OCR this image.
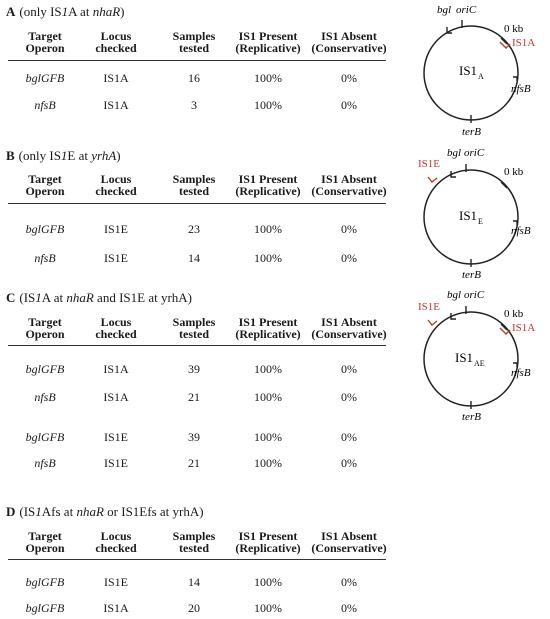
A (only IS1A at nhaR)
Target
Operon
Locus
checked
Samples
tested
IS1 Present
(Replicative)
IS1 Absent
(Conservative)
bglGFB	IS1A	16	100%	0%
nfsB	IS1A	3	100%	0%
bgl oriC
0 kb
IS1A
nfsB
terB
IS1 A
B (only IS1E at yrhA)
Target
Operon
Locus
checked
Samples
tested
IS1 Present
(Replicative)
IS1 Absent
(Conservative)
bglGFB	IS1E	23	100%	0%
nfsB	IS1E	14	100%	0%
bgl oriC
IS1E
0 kb
nfsB
terB
IS1 E
C (IS1A at nhaR and IS1E at yrhA)
Target
Operon
Locus
checked
Samples
tested
IS1 Present
(Replicative)
IS1 Absent
(Conservative)
bglGFB	IS1A	39	100%	0%
nfsB	IS1A	21	100%	0%
bglGFB	IS1E	39	100%	0%
nfsB	IS1E	21	100%	0%
bgl oriC
IS1E
0 kb
IS1A
nfsB
terB
IS1 AE
D (IS1Afs at nhaR or IS1Efs at yrhA)
Target
Operon
Locus
checked
Samples
tested
IS1 Present
(Replicative)
IS1 Absent
(Conservative)
bglGFB	IS1E	14	100%	0%
bglGFB	IS1A	20	100%	0%
